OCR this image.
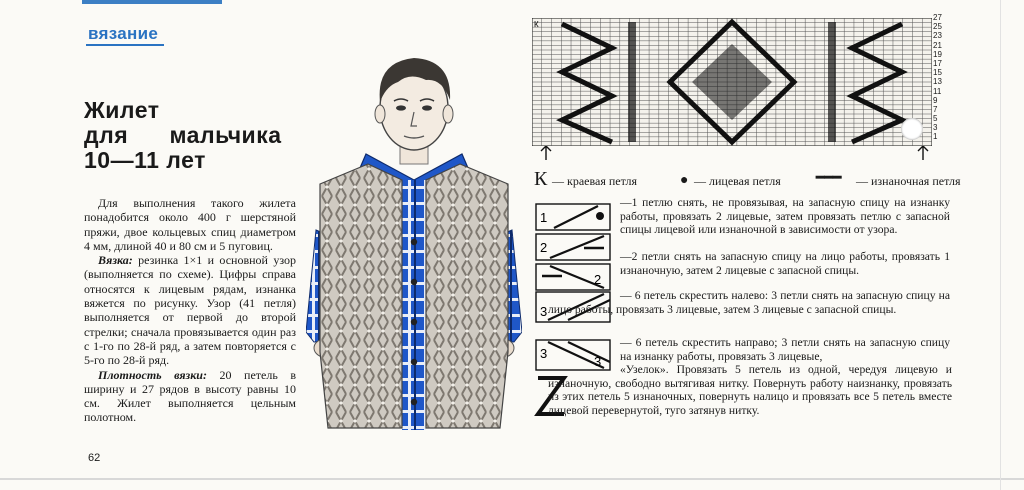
вязание
Жилет
для      мальчика
10—11 лет

Для выполнения такого жилета понадобится около 400 г шерстяной пряжи, двое кольцевых спиц диаметром 4 мм, длиной 40 и 80 см и 5 пуговиц.

Вязка: резинка 1×1 и основной узор (выполняется по схеме). Цифры справа относятся к лицевым рядам, изнанка вяжется по рисунку. Узор (41 петля) выполняется от первой до второй стрелки; сначала провязывается один раз с 1-го по 28-й ряд, а затем повторяется с 5-го по 28-й ряд.

Плотность вязки: 20 петель в ширину и 27 рядов в высоту равны 10 см. Жилет выполняется цельным полотном.

62
К
27
25
23
21
19
17
15
13
11
9
7
5
3
1
К — краевая петля	● — лицевая петля	━━━ — изнаночная петля
1
2
2
3
3
3
—1 петлю снять, не провязывая, на запасную спицу на изнанку работы, провязать 2 лицевые, затем провязать петлю с запасной спицы лицевой или изнаночной в зависимости от узора.
—2 петли снять на запасную спицу на лицо работы, провязать 1 изнаночную, затем 2 лицевые с запасной спицы.
— 6 петель скрестить налево: 3 петли снять на запасную спицу на лицо работы, провязать 3 лицевые, затем 3 лицевые с запасной спицы.
— 6 петель скрестить направо; 3 петли снять на запасную спицу на изнанку работы, провязать 3 лицевые,
«Узелок». Провязать 5 петель из одной, чередуя лицевую и изнаночную, свободно вытягивая нитку. Повернуть работу наизнанку, провязать из этих петель 5 изнаночных, повернуть налицо и провязать все 5 петель вместе лицевой перевернутой, туго затянув нитку.
